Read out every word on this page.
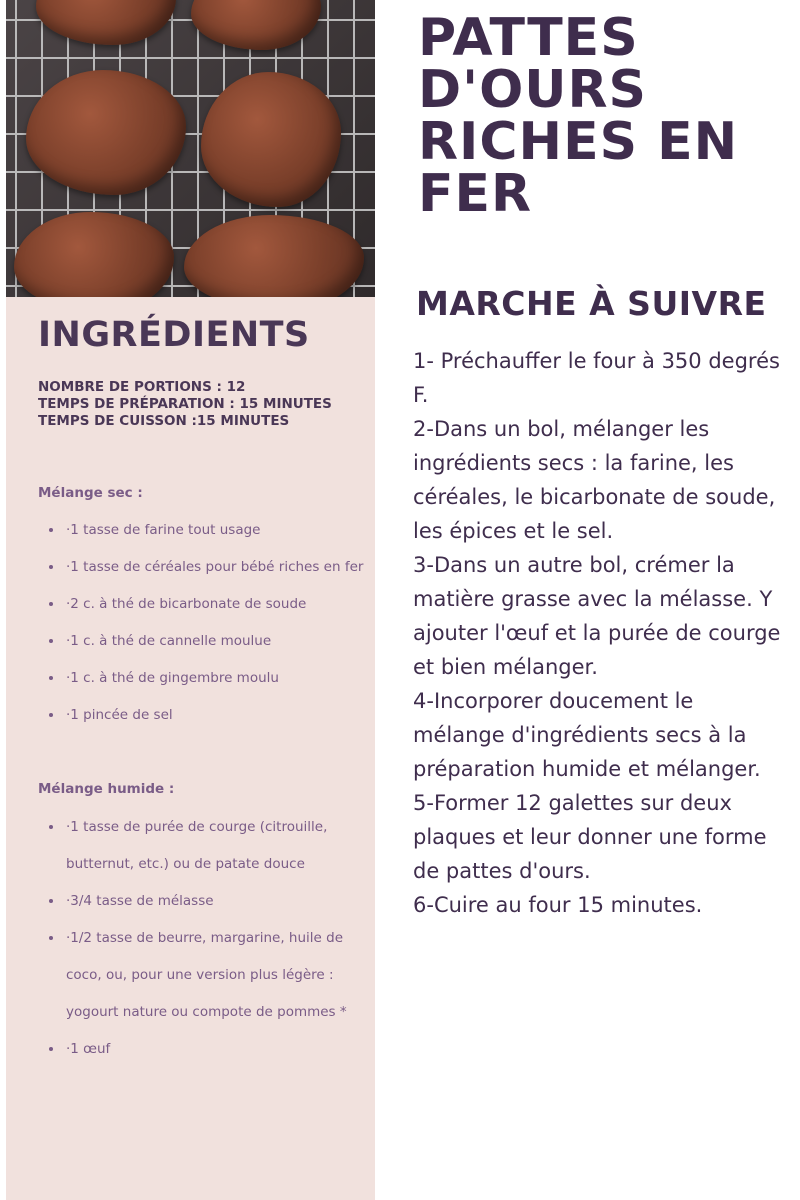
INGRÉDIENTS
NOMBRE DE PORTIONS : 12
TEMPS DE PRÉPARATION : 15 MINUTES
TEMPS DE CUISSON :15 MINUTES
Mélange sec :
• ·1 tasse de farine tout usage
• ·1 tasse de céréales pour bébé riches en fer
• ·2 c. à thé de bicarbonate de soude
• ·1 c. à thé de cannelle moulue
• ·1 c. à thé de gingembre moulu
• ·1 pincée de sel
Mélange humide :
• ·1 tasse de purée de courge (citrouille, butternut, etc.) ou de patate douce
• ·3/4 tasse de mélasse
• ·1/2 tasse de beurre, margarine, huile de coco, ou, pour une version plus légère : yogourt nature ou compote de pommes *
• ·1 œuf
PATTES D'OURS RICHES EN FER
MARCHE À SUIVRE

1- Préchauffer le four à 350 degrés F.

2-Dans un bol, mélanger les ingrédients secs : la farine, les céréales, le bicarbonate de soude, les épices et le sel.

3-Dans un autre bol, crémer la matière grasse avec la mélasse. Y ajouter l'œuf et la purée de courge et bien mélanger.

4-Incorporer doucement le mélange d'ingrédients secs à la préparation humide et mélanger.

5-Former 12 galettes sur deux plaques et leur donner une forme de pattes d'ours.

6-Cuire au four 15 minutes.
